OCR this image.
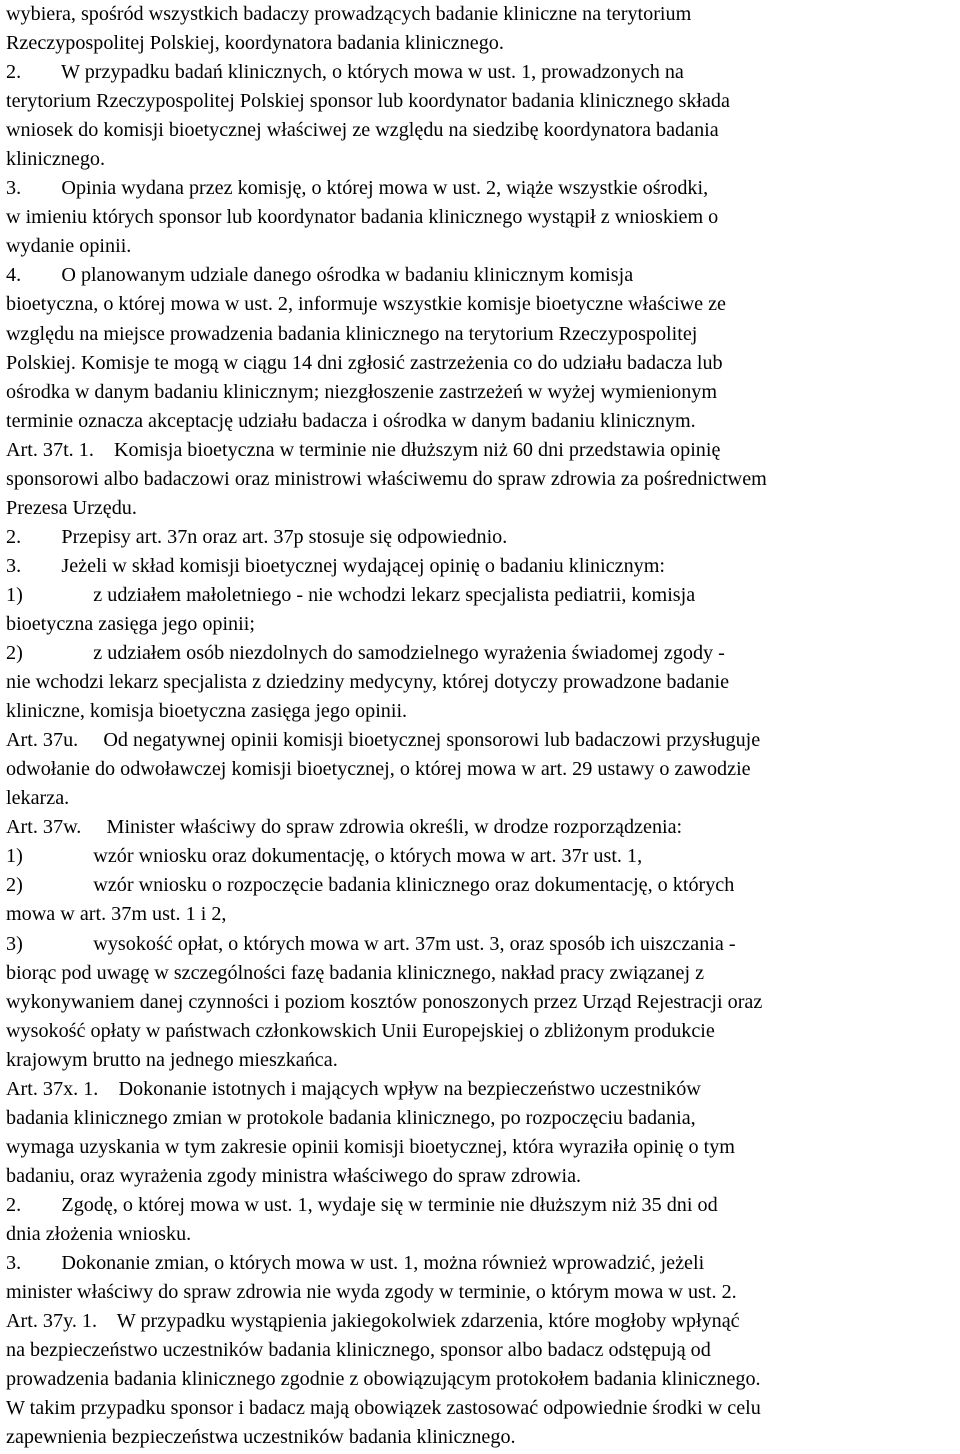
wybiera, spośród wszystkich badaczy prowadzących badanie kliniczne na terytorium
Rzeczypospolitej Polskiej, koordynatora badania klinicznego.
2.        W przypadku badań klinicznych, o których mowa w ust. 1, prowadzonych na
terytorium Rzeczypospolitej Polskiej sponsor lub koordynator badania klinicznego składa
wniosek do komisji bioetycznej właściwej ze względu na siedzibę koordynatora badania
klinicznego.
3.        Opinia wydana przez komisję, o której mowa w ust. 2, wiąże wszystkie ośrodki,
w imieniu których sponsor lub koordynator badania klinicznego wystąpił z wnioskiem o
wydanie opinii.
4.        O planowanym udziale danego ośrodka w badaniu klinicznym komisja
bioetyczna, o której mowa w ust. 2, informuje wszystkie komisje bioetyczne właściwe ze
względu na miejsce prowadzenia badania klinicznego na terytorium Rzeczypospolitej
Polskiej. Komisje te mogą w ciągu 14 dni zgłosić zastrzeżenia co do udziału badacza lub
ośrodka w danym badaniu klinicznym; niezgłoszenie zastrzeżeń w wyżej wymienionym
terminie oznacza akceptację udziału badacza i ośrodka w danym badaniu klinicznym.
Art. 37t. 1.    Komisja bioetyczna w terminie nie dłuższym niż 60 dni przedstawia opinię
sponsorowi albo badaczowi oraz ministrowi właściwemu do spraw zdrowia za pośrednictwem
Prezesa Urzędu.
2.        Przepisy art. 37n oraz art. 37p stosuje się odpowiednio.
3.        Jeżeli w skład komisji bioetycznej wydającej opinię o badaniu klinicznym:
1)              z udziałem małoletniego - nie wchodzi lekarz specjalista pediatrii, komisja
bioetyczna zasięga jego opinii;
2)              z udziałem osób niezdolnych do samodzielnego wyrażenia świadomej zgody -
nie wchodzi lekarz specjalista z dziedziny medycyny, której dotyczy prowadzone badanie
kliniczne, komisja bioetyczna zasięga jego opinii.
Art. 37u.     Od negatywnej opinii komisji bioetycznej sponsorowi lub badaczowi przysługuje
odwołanie do odwoławczej komisji bioetycznej, o której mowa w art. 29 ustawy o zawodzie
lekarza.
Art. 37w.     Minister właściwy do spraw zdrowia określi, w drodze rozporządzenia:
1)              wzór wniosku oraz dokumentację, o których mowa w art. 37r ust. 1,
2)              wzór wniosku o rozpoczęcie badania klinicznego oraz dokumentację, o których
mowa w art. 37m ust. 1 i 2,
3)              wysokość opłat, o których mowa w art. 37m ust. 3, oraz sposób ich uiszczania -
biorąc pod uwagę w szczególności fazę badania klinicznego, nakład pracy związanej z
wykonywaniem danej czynności i poziom kosztów ponoszonych przez Urząd Rejestracji oraz
wysokość opłaty w państwach członkowskich Unii Europejskiej o zbliżonym produkcie
krajowym brutto na jednego mieszkańca.
Art. 37x. 1.    Dokonanie istotnych i mających wpływ na bezpieczeństwo uczestników
badania klinicznego zmian w protokole badania klinicznego, po rozpoczęciu badania,
wymaga uzyskania w tym zakresie opinii komisji bioetycznej, która wyraziła opinię o tym
badaniu, oraz wyrażenia zgody ministra właściwego do spraw zdrowia.
2.        Zgodę, o której mowa w ust. 1, wydaje się w terminie nie dłuższym niż 35 dni od
dnia złożenia wniosku.
3.        Dokonanie zmian, o których mowa w ust. 1, można również wprowadzić, jeżeli
minister właściwy do spraw zdrowia nie wyda zgody w terminie, o którym mowa w ust. 2.
Art. 37y. 1.    W przypadku wystąpienia jakiegokolwiek zdarzenia, które mogłoby wpłynąć
na bezpieczeństwo uczestników badania klinicznego, sponsor albo badacz odstępują od
prowadzenia badania klinicznego zgodnie z obowiązującym protokołem badania klinicznego.
W takim przypadku sponsor i badacz mają obowiązek zastosować odpowiednie środki w celu
zapewnienia bezpieczeństwa uczestników badania klinicznego.
